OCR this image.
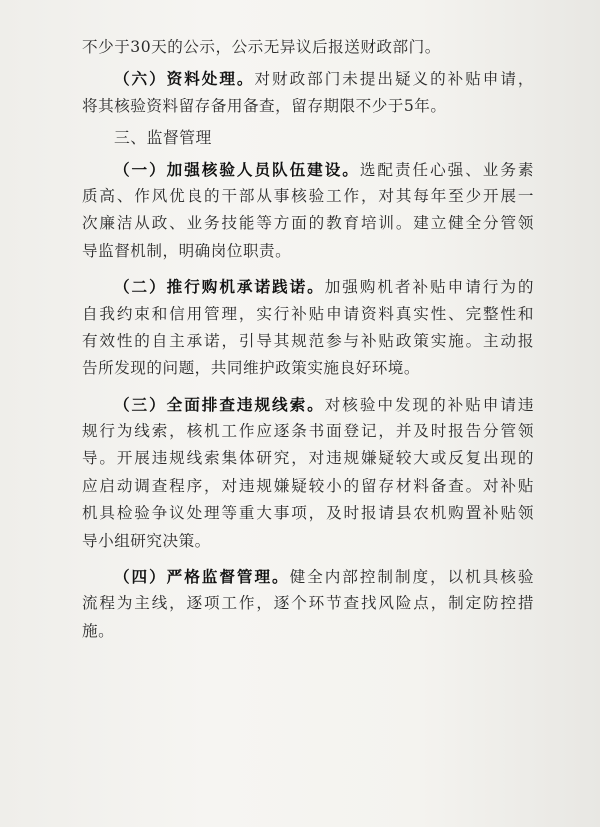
不少于30天的公示，公示无异议后报送财政部门。

（六）资料处理。对财政部门未提出疑义的补贴申请，

将其核验资料留存备用备查，留存期限不少于5年。

三、监督管理

（一）加强核验人员队伍建设。选配责任心强、业务素

质高、作风优良的干部从事核验工作，对其每年至少开展一

次廉洁从政、业务技能等方面的教育培训。建立健全分管领

导监督机制，明确岗位职责。

（二）推行购机承诺践诺。加强购机者补贴申请行为的

自我约束和信用管理，实行补贴申请资料真实性、完整性和

有效性的自主承诺，引导其规范参与补贴政策实施。主动报

告所发现的问题，共同维护政策实施良好环境。

（三）全面排查违规线索。对核验中发现的补贴申请违

规行为线索，核机工作应逐条书面登记，并及时报告分管领

导。开展违规线索集体研究，对违规嫌疑较大或反复出现的

应启动调查程序，对违规嫌疑较小的留存材料备查。对补贴

机具检验争议处理等重大事项，及时报请县农机购置补贴领

导小组研究决策。

（四）严格监督管理。健全内部控制制度，以机具核验

流程为主线，逐项工作，逐个环节查找风险点，制定防控措

施。
